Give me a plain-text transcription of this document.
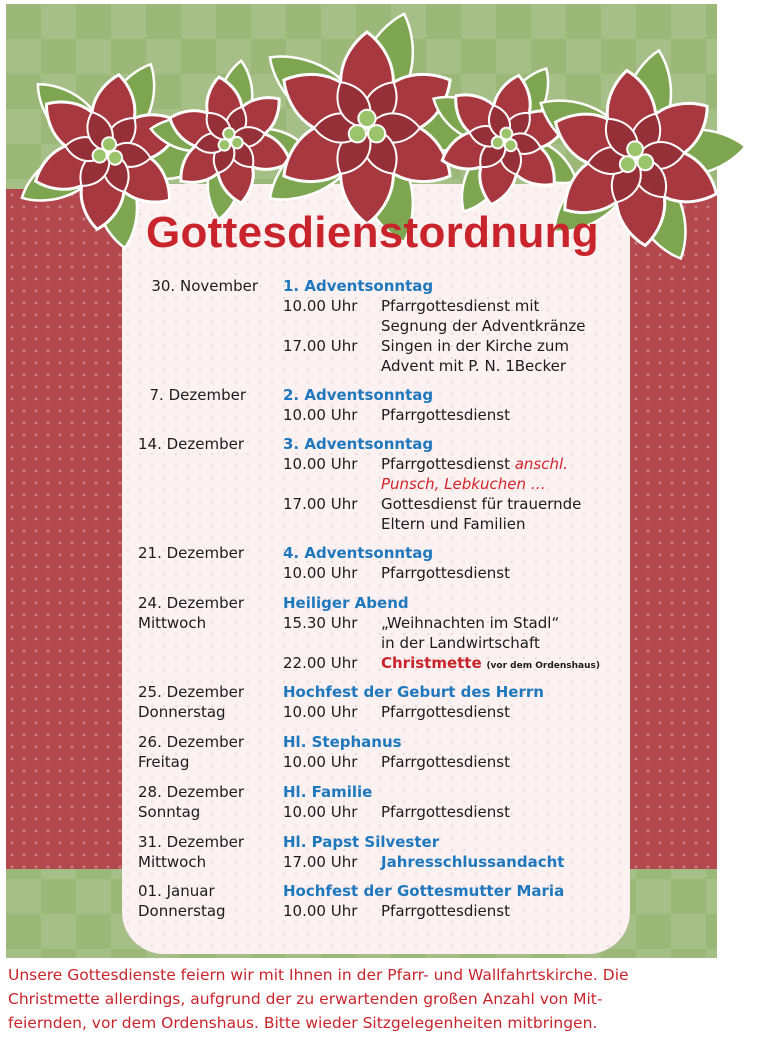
Gottesdienstordnung
30. November 1. Adventsonntag
10.00 Uhr Pfarrgottesdienst mit
Segnung der Adventkränze
17.00 Uhr Singen in der Kirche zum
Advent mit P. N. 1Becker
7. Dezember 2. Adventsonntag
10.00 Uhr Pfarrgottesdienst
14. Dezember	3. Adventsonntag
10.00 Uhr Pfarrgottesdienst anschl.
Punsch, Lebkuchen …
17.00 Uhr Gottesdienst für trauernde
Eltern und Familien
21. Dezember	4. Adventsonntag
10.00 Uhr Pfarrgottesdienst
24. Dezember
Mittwoch
Heiliger Abend
15.30 Uhr „Weihnachten im Stadl“
in der Landwirtschaft
22.00 Uhr Christmette (vor dem Ordenshaus)
25. Dezember
Donnerstag
Hochfest der Geburt des Herrn
10.00 Uhr Pfarrgottesdienst
26. Dezember
Freitag
Hl. Stephanus
10.00 Uhr Pfarrgottesdienst
28. Dezember
Sonntag
Hl. Familie
10.00 Uhr Pfarrgottesdienst
31. Dezember
Mittwoch
Hl. Papst Silvester
17.00 Uhr Jahresschlussandacht
01. Januar
Donnerstag
Hochfest der Gottesmutter Maria
10.00 Uhr Pfarrgottesdienst

Unsere Gottesdienste feiern wir mit Ihnen in der Pfarr- und Wallfahrtskirche. Die

Christmette allerdings, aufgrund der zu erwartenden großen Anzahl von Mit-

feiernden, vor dem Ordenshaus. Bitte wieder Sitzgelegenheiten mitbringen.
